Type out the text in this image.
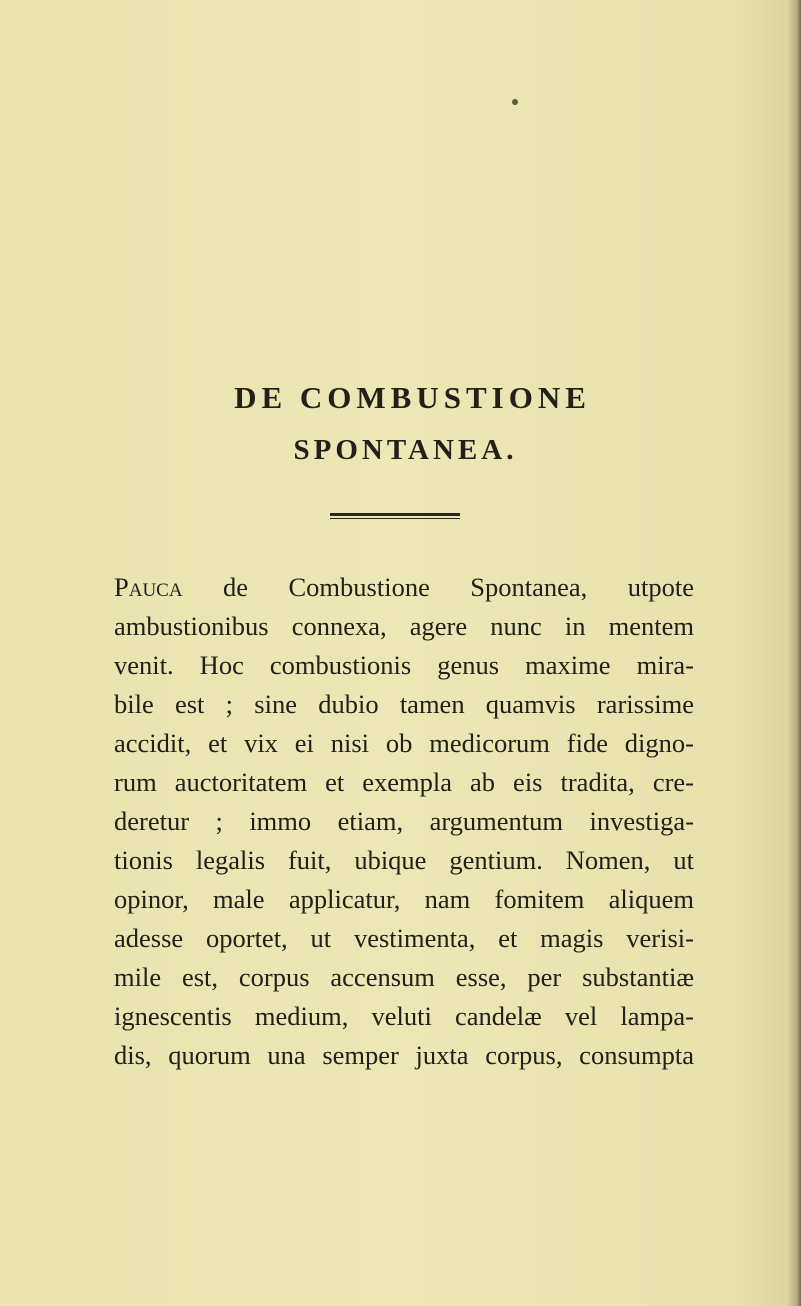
DE COMBUSTIONE
SPONTANEA.
Pauca de Combustione Spontanea, utpote
ambustionibus connexa, agere nunc in mentem
venit. Hoc combustionis genus maxime mira-
bile est ; sine dubio tamen quamvis rarissime
accidit, et vix ei nisi ob medicorum fide digno-
rum auctoritatem et exempla ab eis tradita, cre-
deretur ; immo etiam, argumentum investiga-
tionis legalis fuit, ubique gentium. Nomen, ut
opinor, male applicatur, nam fomitem aliquem
adesse oportet, ut vestimenta, et magis verisi-
mile est, corpus accensum esse, per substantiæ
ignescentis medium, veluti candelæ vel lampa-
dis, quorum una semper juxta corpus, consumpta
